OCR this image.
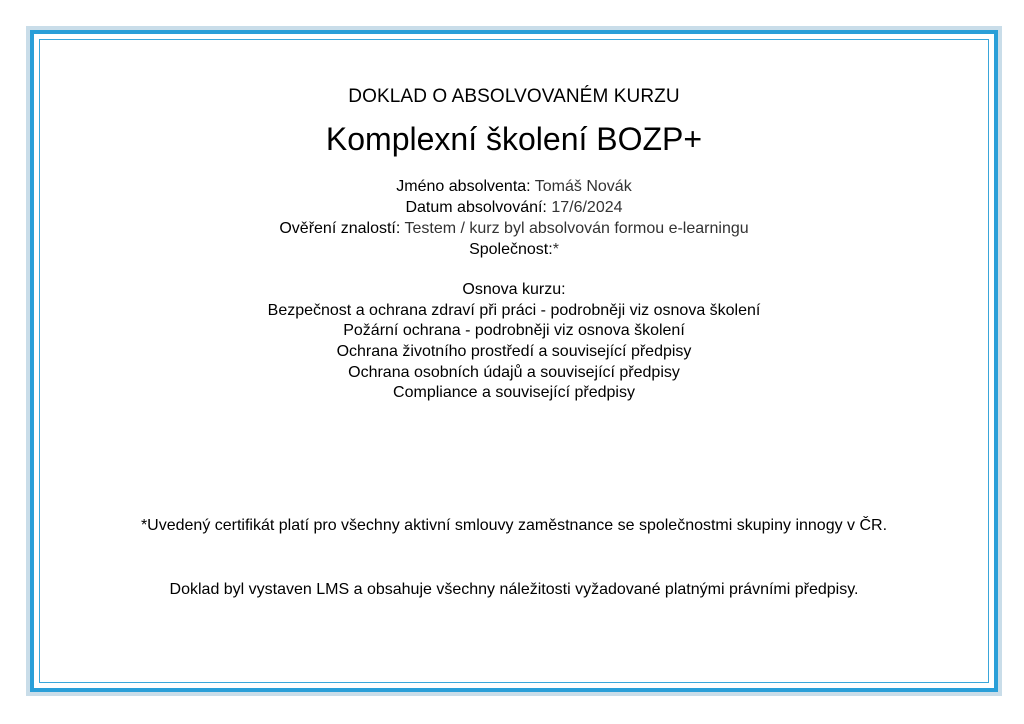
DOKLAD O ABSOLVOVANÉM KURZU
Komplexní školení BOZP+
Jméno absolventa: Tomáš Novák
Datum absolvování: 17/6/2024
Ověření znalostí: Testem / kurz byl absolvován formou e-learningu
Společnost:*
Osnova kurzu:
Bezpečnost a ochrana zdraví při práci - podrobněji viz osnova školení
Požární ochrana - podrobněji viz osnova školení
Ochrana životního prostředí a související předpisy
Ochrana osobních údajů a související předpisy
Compliance a související předpisy
*Uvedený certifikát platí pro všechny aktivní smlouvy zaměstnance se společnostmi skupiny innogy v ČR.
Doklad byl vystaven LMS a obsahuje všechny náležitosti vyžadované platnými právními předpisy.
